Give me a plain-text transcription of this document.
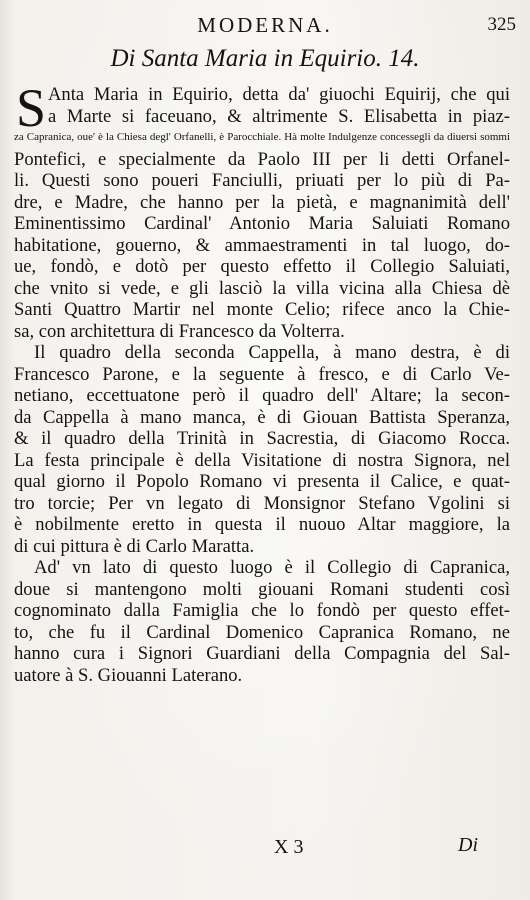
MODERNA.	325
Di Santa Maria in Equirio. 14.
S Anta Maria in Equirio, detta da' giuochi Equirij, che qui
a Marte si faceuano, & altrimente S. Elisabetta in piaz-
za Capranica, oue' è la Chiesa degl' Orfanelli, è Parocchiale. Hà molte Indulgenze concessegli da diuersi sommi
Pontefici, e specialmente da Paolo III per li detti Orfanel-
li. Questi sono poueri Fanciulli, priuati per lo più di Pa-
dre, e Madre, che hanno per la pietà, e magnanimità dell'
Eminentissimo Cardinal' Antonio Maria Saluiati Romano
habitatione, gouerno, & ammaestramenti in tal luogo, do-
ue, fondò, e dotò per questo effetto il Collegio Saluiati,
che vnito si vede, e gli lasciò la villa vicina alla Chiesa dè
Santi Quattro Martir nel monte Celio; rifece anco la Chie-
sa, con architettura di Francesco da Volterra.
Il quadro della seconda Cappella, à mano destra, è di
Francesco Parone, e la seguente à fresco, e di Carlo Ve-
netiano, eccettuatone però il quadro dell' Altare; la secon-
da Cappella à mano manca, è di Giouan Battista Speranza,
& il quadro della Trinità in Sacrestia, di Giacomo Rocca.
La festa principale è della Visitatione di nostra Signora, nel
qual giorno il Popolo Romano vi presenta il Calice, e quat-
tro torcie; Per vn legato di Monsignor Stefano Vgolini si
è nobilmente eretto in questa il nuouo Altar maggiore, la
di cui pittura è di Carlo Maratta.
Ad' vn lato di questo luogo è il Collegio di Capranica,
doue si mantengono molti giouani Romani studenti così
cognominato dalla Famiglia che lo fondò per questo effet-
to, che fu il Cardinal Domenico Capranica Romano, ne
hanno cura i Signori Guardiani della Compagnia del Sal-
uatore à S. Giouanni Laterano.
X 3	Di
